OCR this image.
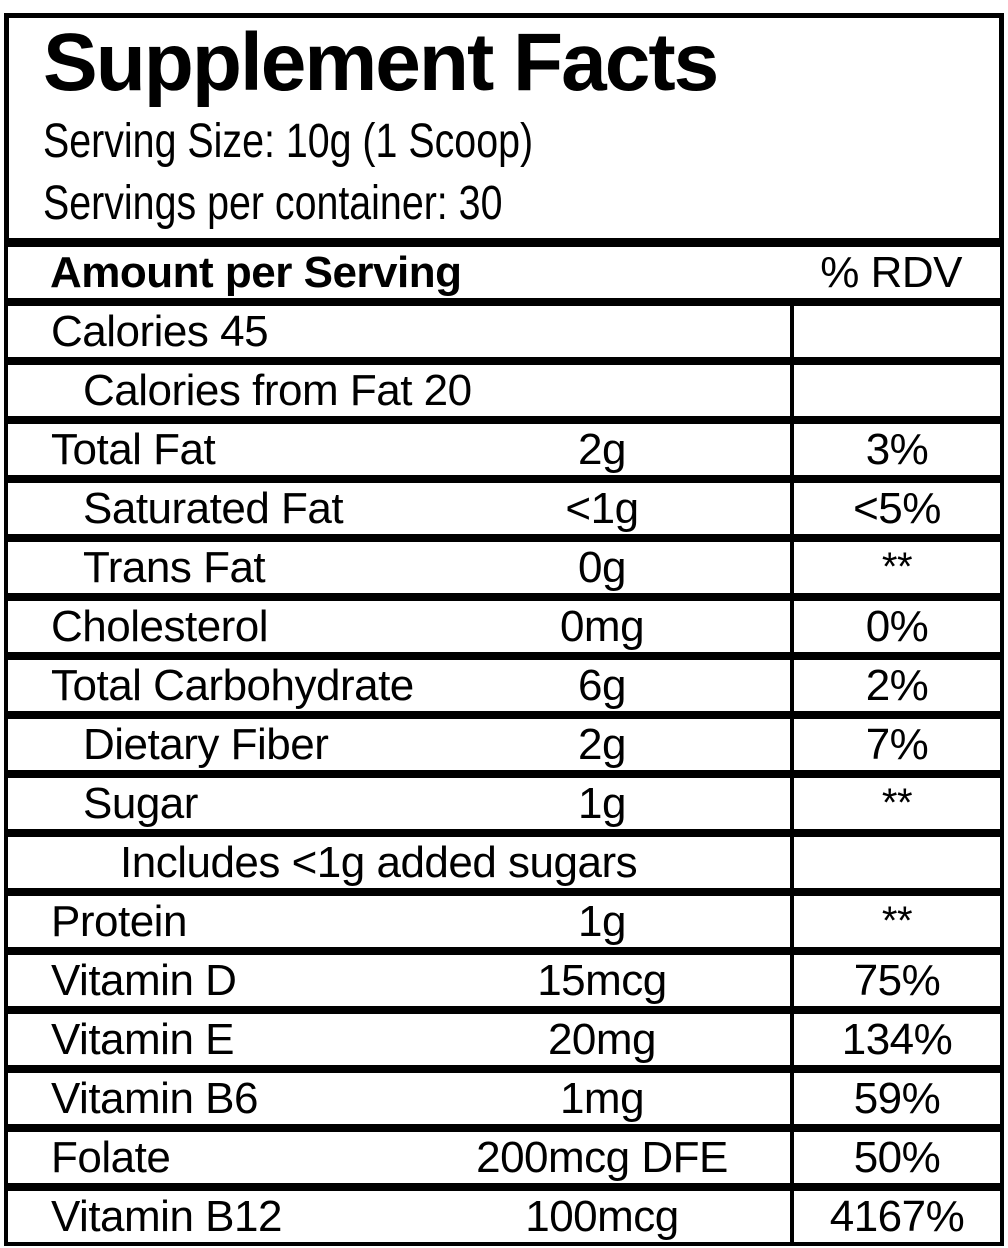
Supplement Facts
Serving Size: 10g (1 Scoop)
Servings per container: 30
Amount per Serving	% RDV
Calories 45
Calories from Fat 20
Total Fat	2g	3%
Saturated Fat	<1g	<5%
Trans Fat	0g	**
Cholesterol	0mg	0%
Total Carbohydrate	6g	2%
Dietary Fiber	2g	7%
Sugar	1g	**
Includes <1g added sugars
Protein	1g	**
Vitamin D	15mcg	75%
Vitamin E	20mg	134%
Vitamin B6	1mg	59%
Folate	200mcg DFE	50%
Vitamin B12	100mcg	4167%
